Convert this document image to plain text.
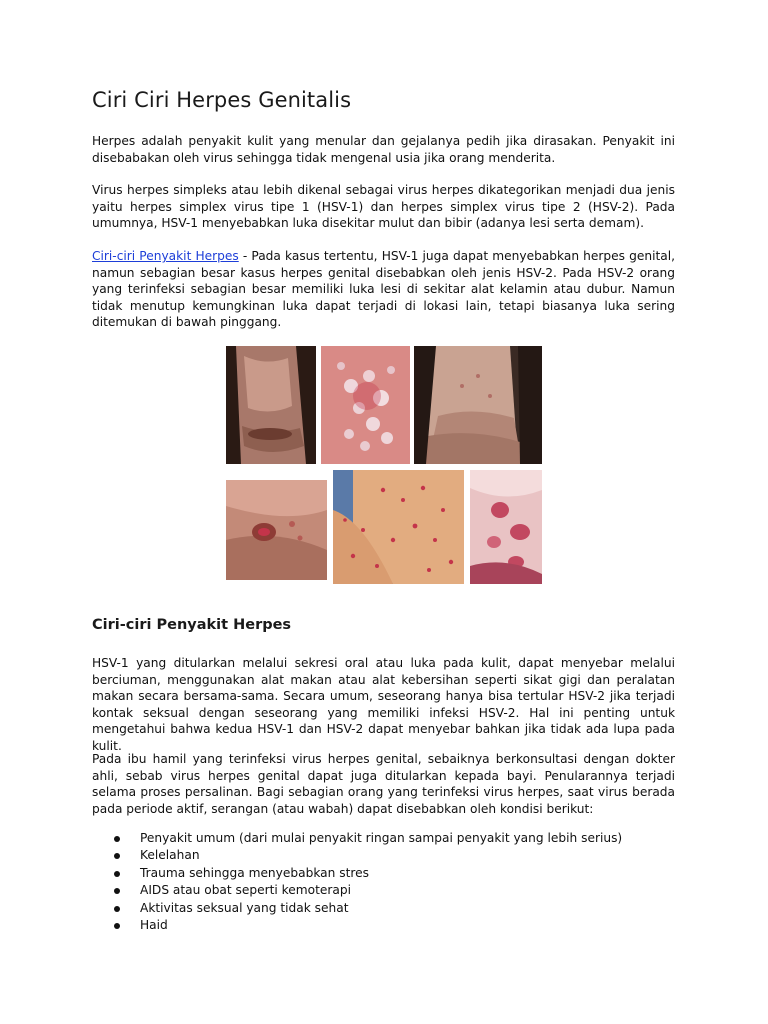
Ciri Ciri Herpes Genitalis

Herpes adalah penyakit kulit yang menular dan gejalanya pedih jika dirasakan. Penyakit ini disebabakan oleh virus sehingga tidak mengenal usia jika orang menderita.

Virus herpes simpleks atau lebih dikenal sebagai virus herpes dikategorikan menjadi dua jenis yaitu herpes simplex virus tipe 1 (HSV-1) dan herpes simplex virus tipe 2 (HSV-2). Pada umumnya, HSV-1 menyebabkan luka disekitar mulut dan bibir (adanya lesi serta demam).

Ciri-ciri Penyakit Herpes - Pada kasus tertentu, HSV-1 juga dapat menyebabkan herpes genital, namun sebagian besar kasus herpes genital disebabkan oleh jenis HSV-2. Pada HSV-2 orang yang terinfeksi sebagian besar memiliki luka lesi di sekitar alat kelamin atau dubur. Namun tidak menutup kemungkinan luka dapat terjadi di lokasi lain, tetapi biasanya luka sering ditemukan di bawah pinggang.

Ciri-ciri Penyakit Herpes

HSV-1 yang ditularkan melalui sekresi oral atau luka pada kulit, dapat menyebar melalui berciuman, menggunakan alat makan atau alat kebersihan seperti sikat gigi dan peralatan makan secara bersama-sama. Secara umum, seseorang hanya bisa tertular HSV-2 jika terjadi kontak seksual dengan seseorang yang memiliki infeksi HSV-2. Hal ini penting untuk mengetahui bahwa kedua HSV-1 dan HSV-2 dapat menyebar bahkan jika tidak ada lupa pada kulit.

Pada ibu hamil yang terinfeksi virus herpes genital, sebaiknya berkonsultasi dengan dokter ahli, sebab virus herpes genital dapat juga ditularkan kepada bayi. Penularannya terjadi selama proses persalinan. Bagi sebagian orang yang terinfeksi virus herpes, saat virus berada pada periode aktif, serangan (atau wabah) dapat disebabkan oleh kondisi berikut:

Penyakit umum (dari mulai penyakit ringan sampai penyakit yang lebih serius)
Kelelahan
Trauma sehingga menyebabkan stres
AIDS atau obat seperti kemoterapi
Aktivitas seksual yang tidak sehat
Haid
